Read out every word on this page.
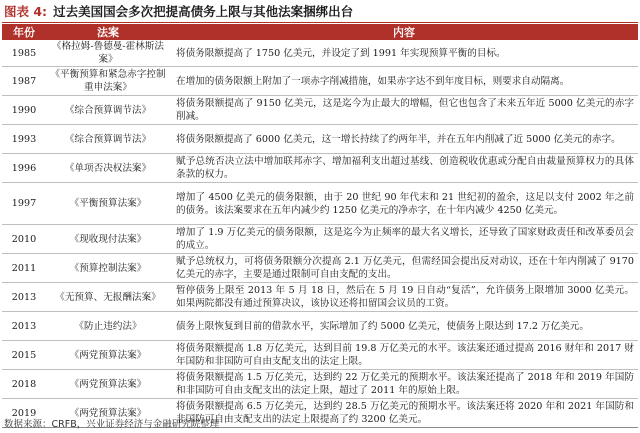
图表 4: 过去美国国会多次把提高债务上限与其他法案捆绑出台
年份	法案	内容
1985	《格拉姆-鲁德曼-霍林斯法案》	将债务限额提高了 1750 亿美元，并设定了到 1991 年实现预算平衡的目标。
1987	《平衡预算和紧急赤字控制重申法案》	在增加的债务限额上附加了一项赤字削减措施，如果赤字达不到年度目标，则要求自动隔离。
1990	《综合预算调节法》	将债务限额提高了 9150 亿美元，这是迄今为止最大的增幅，但它也包含了未来五年近 5000 亿美元的赤字削减。
1993	《综合预算调节法》	将债务限额提高了 6000 亿美元，这一增长持续了约两年半，并在五年内削减了近 5000 亿美元的赤字。
1996	《单项否决权法案》	赋予总统否决立法中增加联邦赤字、增加福利支出超过基线、创造税收优惠或分配自由裁量预算权力的具体条款的权力。
1997	《平衡预算法案》	增加了 4500 亿美元的债务限额，由于 20 世纪 90 年代末和 21 世纪初的盈余，这足以支付 2002 年之前的债务。该法案要求在五年内减少约 1250 亿美元的净赤字，在十年内减少 4250 亿美元。
2010	《现收现付法案》	增加了 1.9 万亿美元的债务限额，这是迄今为止频率的最大名义增长，还导致了国家财政责任和改革委员会的成立。
2011	《预算控制法案》	赋予总统权力，可将债务限额分次提高 2.1 万亿美元，但需经国会提出反对动议，还在十年内削减了 9170 亿美元的赤字，主要是通过限制可自由支配的支出。
2013	《无预算、无报酬法案》	暂停债务上限至 2013 年 5 月 18 日，然后在 5 月 19 日自动“复活”，允许债务上限增加 3000 亿美元。如果两院都没有通过预算决议，该协议还将扣留国会议员的工资。
2013	《防止违约法》	债务上限恢复到目前的借款水平，实际增加了约 5000 亿美元，使债务上限达到 17.2 万亿美元。
2015	《两党预算法案》	将债务限额提高 1.8 万亿美元，达到目前 19.8 万亿美元的水平。该法案还通过提高 2016 财年和 2017 财年国防和非国防可自由支配支出的法定上限。
2018	《两党预算法案》	将债务限额提高 1.5 万亿美元，达到约 22 万亿美元的预期水平。该法案还提高了 2018 年和 2019 年国防和非国防可自由支配支出的法定上限，超过了 2011 年的原始上限。
2019	《两党预算法案》	将债务限额提高 6.5 万亿美元，达到约 28.5 万亿美元的预期水平。该法案还将 2020 年和 2021 年国防和非国防可自由支配支出的法定上限提高了约 3200 亿美元。
数据来源：CRFB，兴业证券经济与金融研究院整理
